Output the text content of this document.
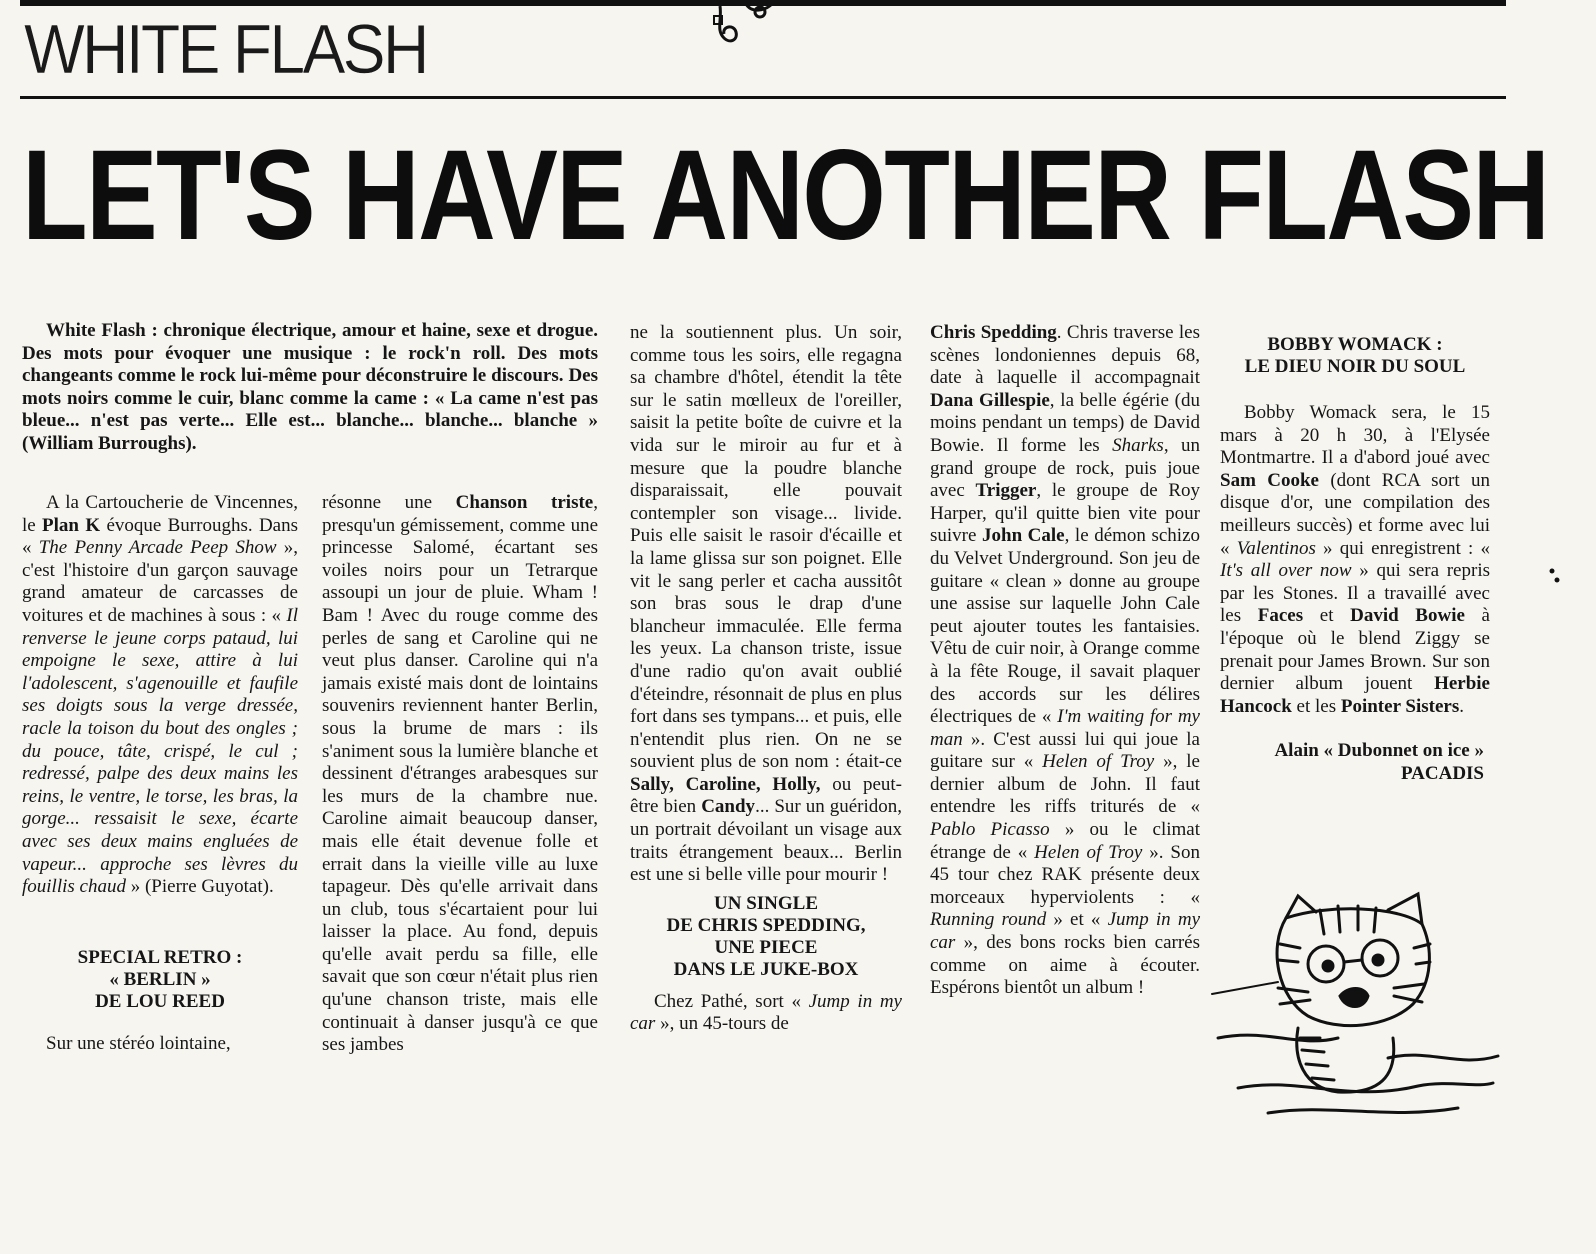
WHITE FLASH
LET'S HAVE ANOTHER FLASH

White Flash : chronique électrique, amour et haine, sexe et drogue. Des mots pour évoquer une musique : le rock'n roll. Des mots changeants comme le rock lui-même pour déconstruire le discours. Des mots noirs comme le cuir, blanc comme la came : « La came n'est pas bleue... n'est pas verte... Elle est... blanche... blanche... blanche » (William Burroughs).

A la Cartoucherie de Vincennes, le Plan K évoque Burroughs. Dans « The Penny Arcade Peep Show », c'est l'histoire d'un garçon sauvage grand amateur de carcasses de voitures et de machines à sous : « Il renverse le jeune corps pataud, lui empoigne le sexe, attire à lui l'adolescent, s'agenouille et faufile ses doigts sous la verge dressée, racle la toison du bout des ongles ; du pouce, tâte, crispé, le cul ; redressé, palpe des deux mains les reins, le ventre, le torse, les bras, la gorge... ressaisit le sexe, écarte avec ses deux mains engluées de vapeur... approche ses lèvres du fouillis chaud » (Pierre Guyotat).

SPECIAL RETRO :

« BERLIN »

DE LOU REED

Sur une stéréo lointaine,

résonne une Chanson triste, presqu'un gémissement, comme une princesse Salomé, écartant ses voiles noirs pour un Tetrarque assoupi un jour de pluie. Wham ! Bam ! Avec du rouge comme des perles de sang et Caroline qui ne veut plus danser. Caroline qui n'a jamais existé mais dont de lointains souvenirs reviennent hanter Berlin, sous la brume de mars : ils s'animent sous la lumière blanche et dessinent d'étranges arabesques sur les murs de la chambre nue. Caroline aimait beaucoup danser, mais elle était devenue folle et errait dans la vieille ville au luxe tapageur. Dès qu'elle arrivait dans un club, tous s'écartaient pour lui laisser la place. Au fond, depuis qu'elle avait perdu sa fille, elle savait que son cœur n'était plus rien qu'une chanson triste, mais elle continuait à danser jusqu'à ce que ses jambes

ne la soutiennent plus. Un soir, comme tous les soirs, elle regagna sa chambre d'hôtel, étendit la tête sur le satin mœlleux de l'oreiller, saisit la petite boîte de cuivre et la vida sur le miroir au fur et à mesure que la poudre blanche disparaissait, elle pouvait contempler son visage... livide. Puis elle saisit le rasoir d'écaille et la lame glissa sur son poignet. Elle vit le sang perler et cacha aussitôt son bras sous le drap d'une blancheur immaculée. Elle ferma les yeux. La chanson triste, issue d'une radio qu'on avait oublié d'éteindre, résonnait de plus en plus fort dans ses tympans... et puis, elle n'entendit plus rien. On ne se souvient plus de son nom : était-ce Sally, Caroline, Holly, ou peut-être bien Candy... Sur un guéridon, un portrait dévoilant un visage aux traits étrangement beaux... Berlin est une si belle ville pour mourir !

UN SINGLE

DE CHRIS SPEDDING,

UNE PIECE

DANS LE JUKE-BOX

Chez Pathé, sort « Jump in my car », un 45-tours de

Chris Spedding. Chris traverse les scènes londoniennes depuis 68, date à laquelle il accompagnait Dana Gillespie, la belle égérie (du moins pendant un temps) de David Bowie. Il forme les Sharks, un grand groupe de rock, puis joue avec Trigger, le groupe de Roy Harper, qu'il quitte bien vite pour suivre John Cale, le démon schizo du Velvet Underground. Son jeu de guitare « clean » donne au groupe une assise sur laquelle John Cale peut ajouter toutes les fantaisies. Vêtu de cuir noir, à Orange comme à la fête Rouge, il savait plaquer des accords sur les délires électriques de « I'm waiting for my man ». C'est aussi lui qui joue la guitare sur « Helen of Troy », le dernier album de John. Il faut entendre les riffs triturés de « Pablo Picasso » ou le climat étrange de « Helen of Troy ». Son 45 tour chez RAK présente deux morceaux hyperviolents : « Running round » et « Jump in my car », des bons rocks bien carrés comme on aime à écouter. Espérons bientôt un album !

BOBBY WOMACK :

LE DIEU NOIR DU SOUL

Bobby Womack sera, le 15 mars à 20 h 30, à l'Elysée Montmartre. Il a d'abord joué avec Sam Cooke (dont RCA sort un disque d'or, une compilation des meilleurs succès) et forme avec lui « Valentinos » qui enregistrent : « It's all over now » qui sera repris par les Stones. Il a travaillé avec les Faces et David Bowie à l'époque où le blend Ziggy se prenait pour James Brown. Sur son dernier album jouent Herbie Hancock et les Pointer Sisters.

Alain « Dubonnet on ice »

PACADIS
